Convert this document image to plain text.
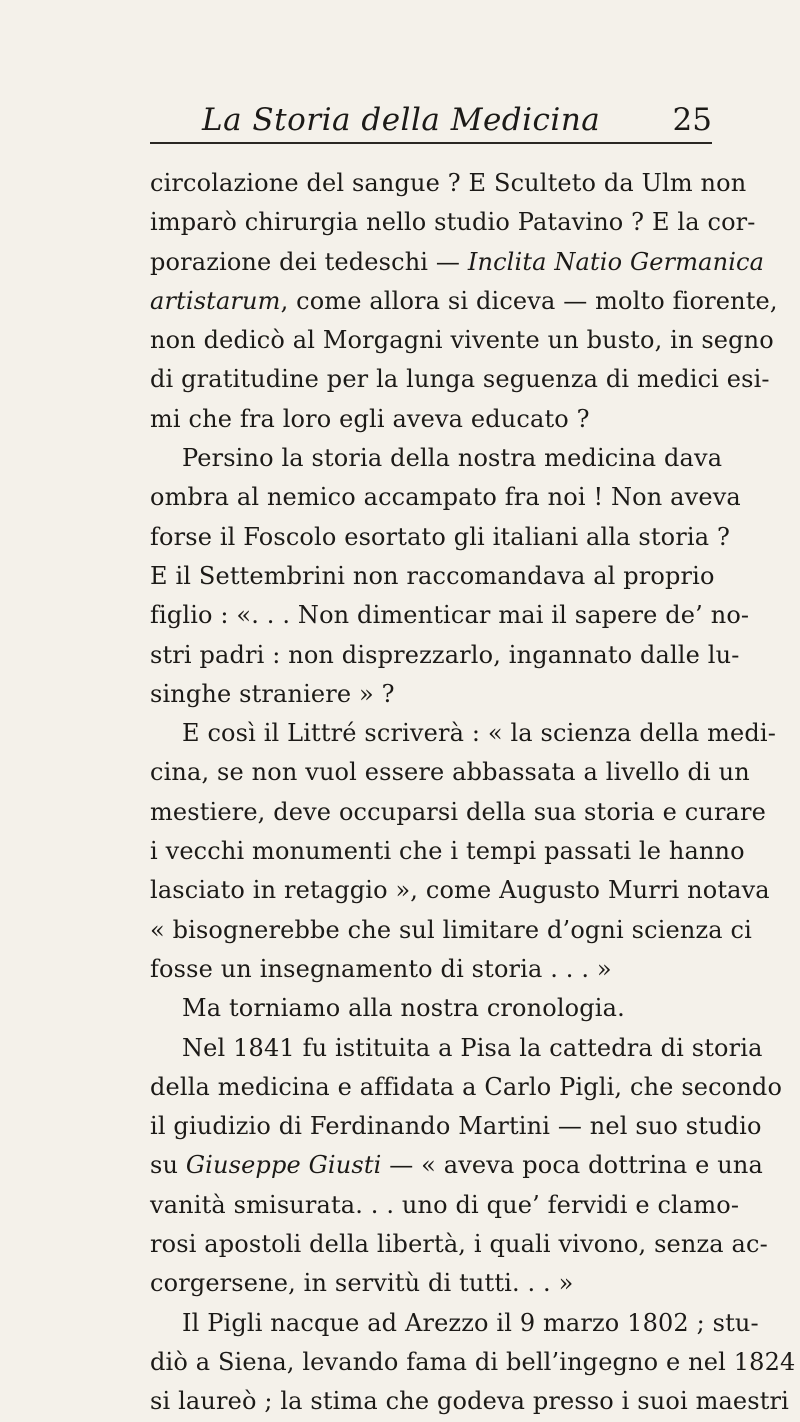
La Storia della Medicina 25
circolazione del sangue ? E Sculteto da Ulm non
imparò chirurgia nello studio Patavino ? E la cor-
porazione dei tedeschi — Inclita Natio Germanica
artistarum, come allora si diceva — molto fiorente,
non dedicò al Morgagni vivente un busto, in segno
di gratitudine per la lunga seguenza di medici esi-
mi che fra loro egli aveva educato ?
Persino la storia della nostra medicina dava
ombra al nemico accampato fra noi ! Non aveva
forse il Foscolo esortato gli italiani alla storia ?
E il Settembrini non raccomandava al proprio
figlio : «. . . Non dimenticar mai il sapere de’ no-
stri padri : non disprezzarlo, ingannato dalle lu-
singhe straniere » ?
E così il Littré scriverà : « la scienza della medi-
cina, se non vuol essere abbassata a livello di un
mestiere, deve occuparsi della sua storia e curare
i vecchi monumenti che i tempi passati le hanno
lasciato in retaggio », come Augusto Murri notava
« bisognerebbe che sul limitare d’ogni scienza ci
fosse un insegnamento di storia . . . »
Ma torniamo alla nostra cronologia.
Nel 1841 fu istituita a Pisa la cattedra di storia
della medicina e affidata a Carlo Pigli, che secondo
il giudizio di Ferdinando Martini — nel suo studio
su Giuseppe Giusti — « aveva poca dottrina e una
vanità smisurata. . . uno di que’ fervidi e clamo-
rosi apostoli della libertà, i quali vivono, senza ac-
corgersene, in servitù di tutti. . . »
Il Pigli nacque ad Arezzo il 9 marzo 1802 ; stu-
diò a Siena, levando fama di bell’ingegno e nel 1824
si laureò ; la stima che godeva presso i suoi maestri
